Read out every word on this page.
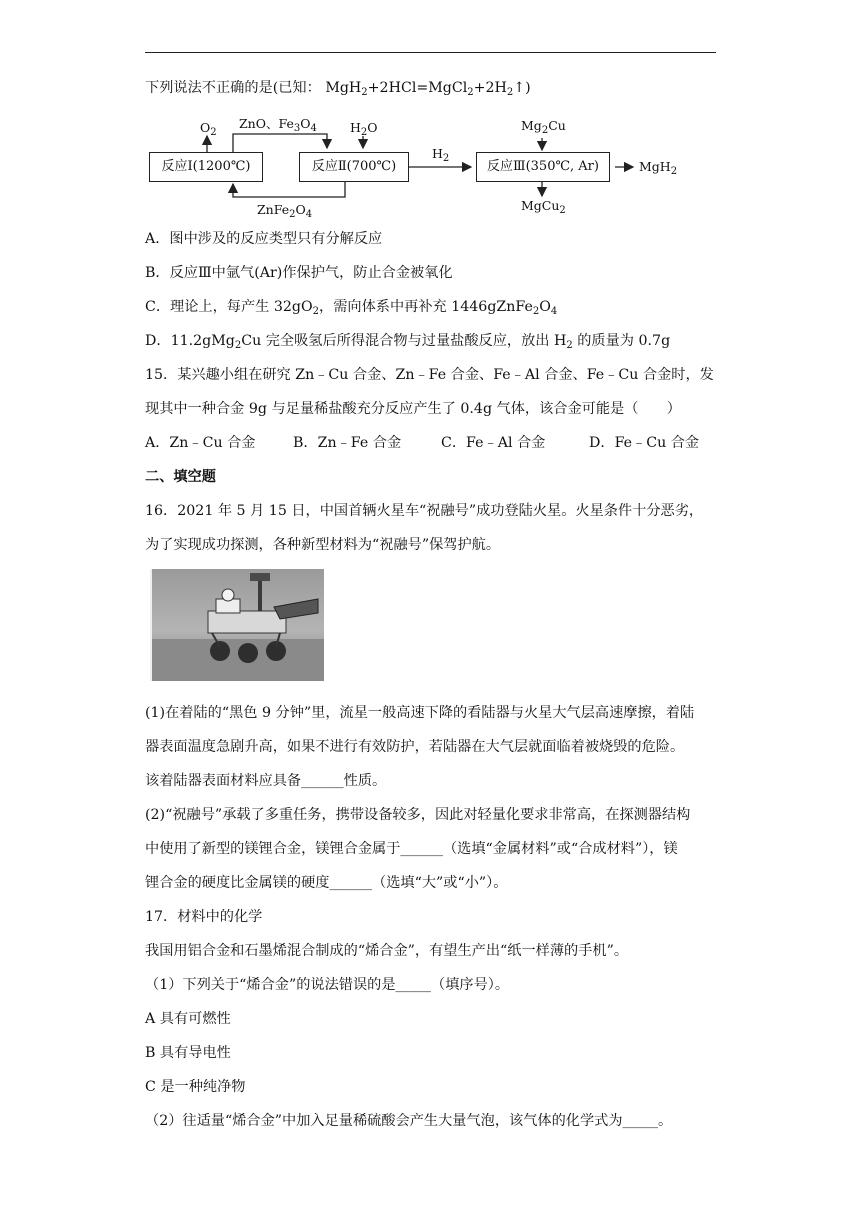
下列说法不正确的是(已知： $MgH_2+2HCl=MgCl_2+2H_2↑$)
反应Ⅰ(1200℃)	反应Ⅱ(700℃)	反应Ⅲ(350℃, Ar)
$O_2$
ZnO、$Fe_3O_4$	$H_2O$
$H_2$
$Mg_2Cu$
MgH$_2$
MgCu$_2$
$ZnFe_2O_4$
A．图中涉及的反应类型只有分解反应
B．反应Ⅲ中氩气(Ar)作保护气，防止合金被氧化
C．理论上，每产生 $32gO_2$，需向体系中再补充 $1446gZnFe_2O_4$
D．11.2gMg$_2$Cu 完全吸氢后所得混合物与过量盐酸反应，放出 $H_2$ 的质量为 0.7g
15．某兴趣小组在研究 Zn﹣Cu 合金、Zn﹣Fe 合金、Fe﹣Al 合金、Fe﹣Cu 合金时，发
现其中一种合金 9g 与足量稀盐酸充分反应产生了 0.4g 气体，该合金可能是（　　）
A．Zn﹣Cu 合金	B．Zn﹣Fe 合金	C．Fe﹣Al 合金	D．Fe﹣Cu 合金
二、填空题
16．2021 年 5 月 15 日，中国首辆火星车“祝融号”成功登陆火星。火星条件十分恶劣，
为了实现成功探测，各种新型材料为“祝融号”保驾护航。
(1)在着陆的“黑色 9 分钟”里，流星一般高速下降的看陆器与火星大气层高速摩擦，着陆
器表面温度急剧升高，如果不进行有效防护，若陆器在大气层就面临着被烧毁的危险。
该着陆器表面材料应具备______性质。
(2)“祝融号”承载了多重任务，携带设备较多，因此对轻量化要求非常高，在探测器结构
中使用了新型的镁锂合金，镁锂合金属于______（选填“金属材料”或“合成材料”），镁
锂合金的硬度比金属镁的硬度______（选填“大”或“小”）。
17．材料中的化学
我国用铝合金和石墨烯混合制成的“烯合金”，有望生产出“纸一样薄的手机”。
（1）下列关于“烯合金”的说法错误的是_____（填序号）。
A 具有可燃性
B 具有导电性
C 是一种纯净物
（2）往适量“烯合金”中加入足量稀硫酸会产生大量气泡，该气体的化学式为_____。
